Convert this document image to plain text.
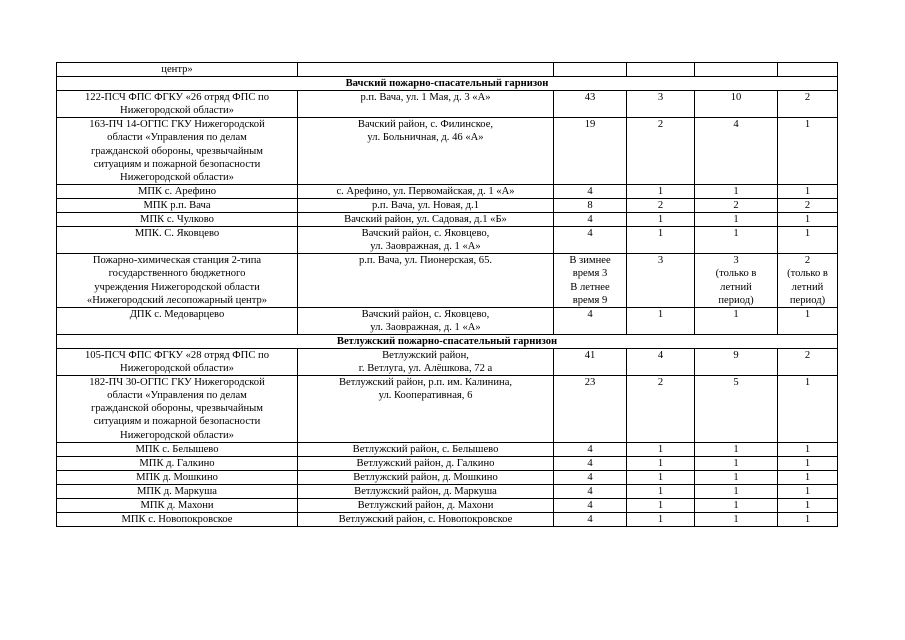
центр»					
Вачский пожарно-спасательный гарнизон					
122-ПСЧ ФПС ФГКУ «26 отряд ФПС по
Нижегородской области»	р.п. Вача, ул. 1 Мая, д. 3 «А»	43	3	10	2
163-ПЧ 14-ОГПС ГКУ Нижегородской
области «Управления по делам
гражданской обороны, чрезвычайным
ситуациям и пожарной безопасности
Нижегородской области»	Вачский район, с. Филинское,
ул. Больничная, д. 46 «А»	19	2	4	1
МПК с. Арефино	с. Арефино, ул. Первомайская, д. 1 «А»	4	1	1	1
МПК р.п. Вача	р.п. Вача, ул. Новая, д.1	8	2	2	2
МПК с. Чулково	Вачский район, ул. Садовая, д.1 «Б»	4	1	1	1
МПК. С. Яковцево	Вачский район, с. Яковцево,
ул. Заовражная, д. 1 «А»	4	1	1	1
Пожарно-химическая станция 2-типа
государственного бюджетного
учреждения Нижегородской области
«Нижегородский лесопожарный центр»	р.п. Вача, ул. Пионерская, 65.	В зимнее
время 3
В летнее
время 9	3	3
(только в
летний
период)	2
(только в
летний
период)
ДПК с. Медоварцево	Вачский район, с. Яковцево,
ул. Заовражная, д. 1 «А»	4	1	1	1
Ветлужский пожарно-спасательный гарнизон					
105-ПСЧ ФПС ФГКУ «28 отряд ФПС по
Нижегородской области»	Ветлужский район,
г. Ветлуга, ул. Алёшкова, 72 а	41	4	9	2
182-ПЧ 30-ОГПС ГКУ Нижегородской
области «Управления по делам
гражданской обороны, чрезвычайным
ситуациям и пожарной безопасности
Нижегородской области»	Ветлужский район, р.п. им. Калинина,
ул. Кооперативная, 6	23	2	5	1
МПК с. Белышево	Ветлужский район, с. Белышево	4	1	1	1
МПК д. Галкино	Ветлужский район, д. Галкино	4	1	1	1
МПК д. Мошкино	Ветлужский район, д. Мошкино	4	1	1	1
МПК д. Маркуша	Ветлужский район, д. Маркуша	4	1	1	1
МПК д. Махони	Ветлужский район, д. Махони	4	1	1	1
МПК с. Новопокровское	Ветлужский район, с. Новопокровское	4	1	1	1
